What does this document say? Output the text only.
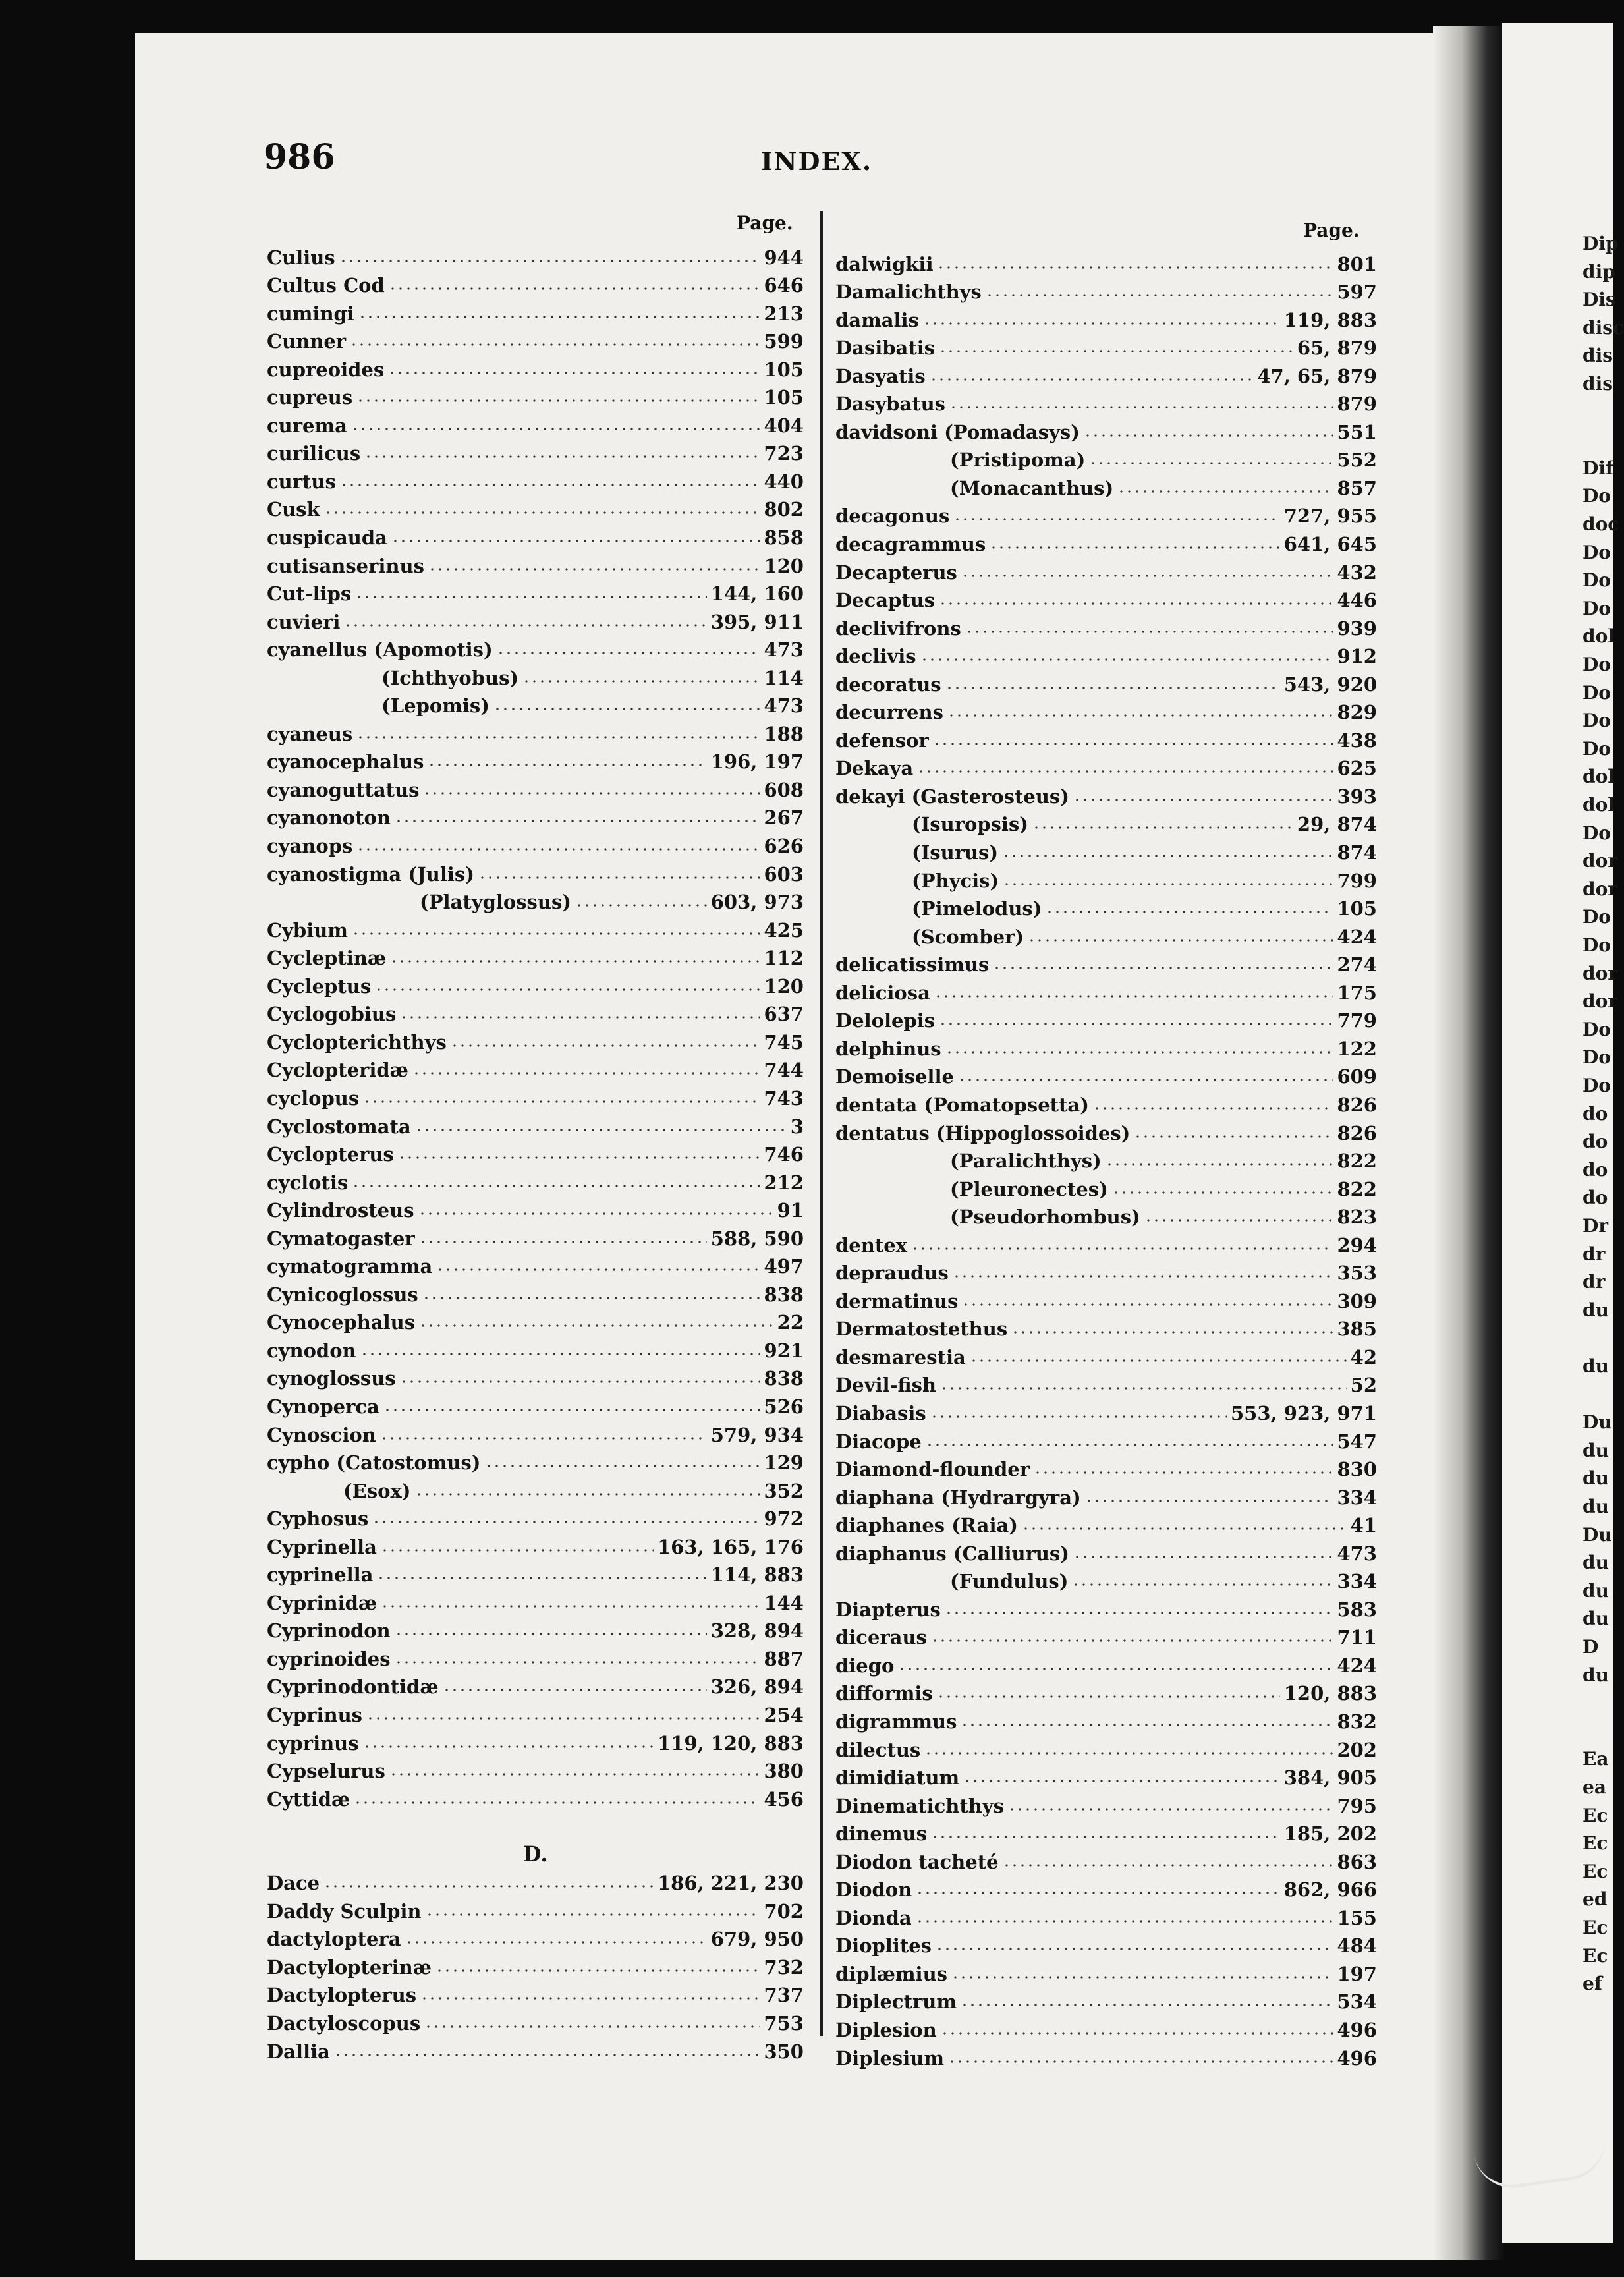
Dip
dip
Dis
disc
dis
dis
Dif
Do
doc
Do
Do
Do
dol
Do
Do
Do
Do
dol
dol
Do
dor
dor
Do
Do
dor
dor
Do
Do
Do
do
do
do
do
Dr
dr
dr
du
du
Du
du
du
du
Du
du
du
du
D
du
Ea
ea
Ec
Ec
Ec
ed
Ec
Ec
ef
986	INDEX.
Page.	Page.
Culius	944
Cultus Cod	646
cumingi	213
Cunner	599
cupreoides	105
cupreus	105
curema	404
curilicus	723
curtus	440
Cusk	802
cuspicauda	858
cutisanserinus	120
Cut-lips	144, 160
cuvieri	395, 911
cyanellus (Apomotis)	473
(Ichthyobus)	114
(Lepomis)	473
cyaneus	188
cyanocephalus	196, 197
cyanoguttatus	608
cyanonoton	267
cyanops	626
cyanostigma (Julis)	603
(Platyglossus)	603, 973
Cybium	425
Cycleptinæ	112
Cycleptus	120
Cyclogobius	637
Cyclopterichthys	745
Cyclopteridæ	744
cyclopus	743
Cyclostomata	3
Cyclopterus	746
cyclotis	212
Cylindrosteus	91
Cymatogaster	588, 590
cymatogramma	497
Cynicoglossus	838
Cynocephalus	22
cynodon	921
cynoglossus	838
Cynoperca	526
Cynoscion	579, 934
cypho (Catostomus)	129
(Esox)	352
Cyphosus	972
Cyprinella	163, 165, 176
cyprinella	114, 883
Cyprinidæ	144
Cyprinodon	328, 894
cyprinoides	887
Cyprinodontidæ	326, 894
Cyprinus	254
cyprinus	119, 120, 883
Cypselurus	380
Cyttidæ	456
D.
Dace	186, 221, 230
Daddy Sculpin	702
dactyloptera	679, 950
Dactylopterinæ	732
Dactylopterus	737
Dactyloscopus	753
Dallia	350
dalwigkii	801
Damalichthys	597
damalis	119, 883
Dasibatis	65, 879
Dasyatis	47, 65, 879
Dasybatus	879
davidsoni (Pomadasys)	551
(Pristipoma)	552
(Monacanthus)	857
decagonus	727, 955
decagrammus	641, 645
Decapterus	432
Decaptus	446
declivifrons	939
declivis	912
decoratus	543, 920
decurrens	829
defensor	438
Dekaya	625
dekayi (Gasterosteus)	393
(Isuropsis)	29, 874
(Isurus)	874
(Phycis)	799
(Pimelodus)	105
(Scomber)	424
delicatissimus	274
deliciosa	175
Delolepis	779
delphinus	122
Demoiselle	609
dentata (Pomatopsetta)	826
dentatus (Hippoglossoides)	826
(Paralichthys)	822
(Pleuronectes)	822
(Pseudorhombus)	823
dentex	294
depraudus	353
dermatinus	309
Dermatostethus	385
desmarestia	42
Devil-fish	52
Diabasis	553, 923, 971
Diacope	547
Diamond-flounder	830
diaphana (Hydrargyra)	334
diaphanes (Raia)	41
diaphanus (Calliurus)	473
(Fundulus)	334
Diapterus	583
diceraus	711
diego	424
difformis	120, 883
digrammus	832
dilectus	202
dimidiatum	384, 905
Dinematichthys	795
dinemus	185, 202
Diodon tacheté	863
Diodon	862, 966
Dionda	155
Dioplites	484
diplæmius	197
Diplectrum	534
Diplesion	496
Diplesium	496
